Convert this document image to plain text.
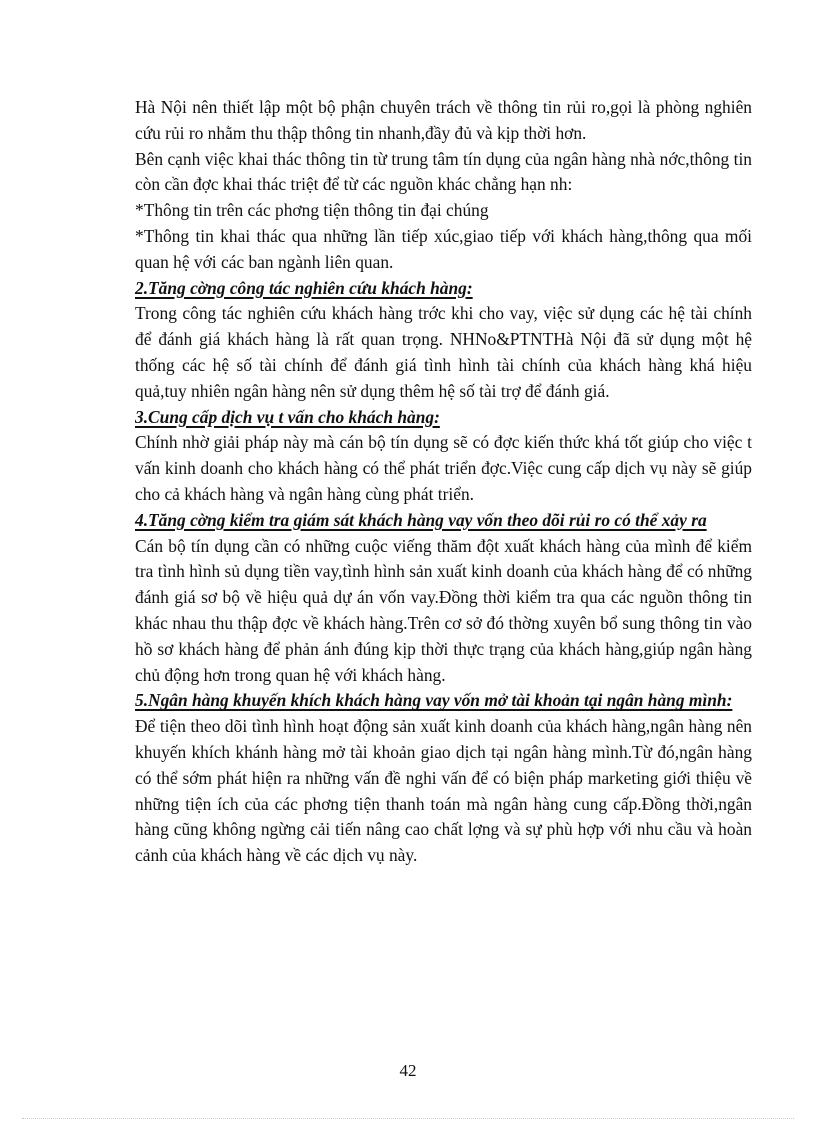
Hà Nội nên thiết lập một bộ phận chuyên trách về thông tin rủi ro,gọi là phòng nghiên cứu rủi ro nhằm thu thập thông tin nhanh,đầy đủ và kịp thời hơn.

Bên cạnh việc khai thác thông tin từ trung tâm tín dụng của ngân hàng nhà nớc,thông tin còn cần đợc khai thác triệt để từ các nguồn khác chẳng hạn nh:

*Thông tin trên các phơng tiện thông tin đại chúng

*Thông tin khai thác qua những lần tiếp xúc,giao tiếp với khách hàng,thông qua mối quan hệ với các ban ngành liên quan.

2.Tăng cờng công tác nghiên cứu khách hàng:

Trong công tác nghiên cứu khách hàng trớc khi cho vay, việc sử dụng các hệ tài chính để đánh giá khách hàng là rất quan trọng. NHNo&PTNTHà Nội đã sử dụng một hệ thống các hệ số tài chính để đánh giá tình hình tài chính của khách hàng khá hiệu quả,tuy nhiên ngân hàng nên sử dụng thêm hệ số tài trợ để đánh giá.

3.Cung cấp dịch vụ t vấn cho khách hàng:

Chính nhờ giải pháp này mà cán bộ tín dụng sẽ có đợc kiến thức khá tốt giúp cho việc t vấn kinh doanh cho khách hàng có thể phát triển đợc.Việc cung cấp dịch vụ này sẽ giúp cho cả khách hàng và ngân hàng cùng phát triển.

4.Tăng cờng kiểm tra giám sát khách hàng vay vốn theo dõi rủi ro có thể xảy ra

Cán bộ tín dụng cần có những cuộc viếng thăm đột xuất khách hàng của mình để kiểm tra tình hình sủ dụng tiền vay,tình hình sản xuất kinh doanh của khách hàng để có những đánh giá sơ bộ về hiệu quả dự án vốn vay.Đồng thời kiểm tra qua các nguồn thông tin khác nhau thu thập đợc về khách hàng.Trên cơ sở đó thờng xuyên bổ sung thông tin vào hồ sơ khách hàng để phản ánh đúng kịp thời thực trạng của khách hàng,giúp ngân hàng chủ động hơn trong quan hệ với khách hàng.

5.Ngân hàng khuyến khích khách hàng vay vốn mở tài khoản tại ngân hàng mình:

Để tiện theo dõi tình hình hoạt động sản xuất kinh doanh của khách hàng,ngân hàng nên khuyến khích khánh hàng mở tài khoản giao dịch tại ngân hàng mình.Từ đó,ngân hàng có thể sớm phát hiện ra những vấn đề nghi vấn để có biện pháp marketing giới thiệu về những tiện ích của các phơng tiện thanh toán mà ngân hàng cung cấp.Đồng thời,ngân hàng cũng không ngừng cải tiến nâng cao chất lợng và sự phù hợp với nhu cầu và hoàn cảnh của khách hàng về các dịch vụ này.

42
